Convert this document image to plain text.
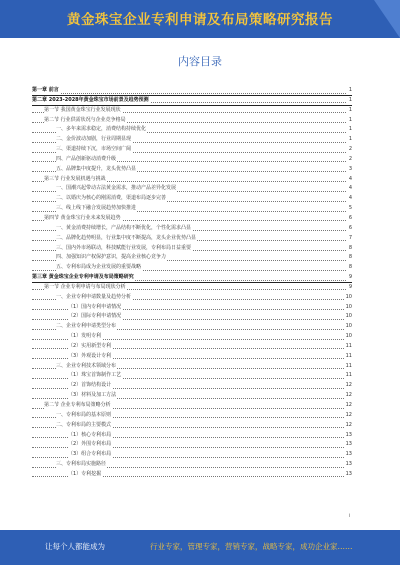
黄金珠宝企业专利申请及布局策略研究报告
内容目录
第一章 前言	1
第二章 2023-2028年黄金珠宝市场前景及趋势预测	1
第一节 我国黄金珠宝行业发展现状	1
第二节 行业供需状况与企业竞争格局	1
一、多年来需求稳定，消费结构持续优化	1
二、金价波动加剧，行业周期显现	1
三、渠道持续下沉，市场空间广阔	2
四、产品创新驱动消费升级	2
五、品牌集中度提升，龙头优势凸显	3
第三节 行业发展机遇与挑战	4
一、国潮兴起带动古法黄金需求，推动产品差异化发展	4
二、以婚庆为核心的刚需消费，渠道布局逐步完善	4
三、线上线下融合发展趋势加快推进	5
第四节 黄金珠宝行业未来发展趋势	6
一、黄金消费持续增长，产品结构不断优化，个性化需求凸显	6
二、品牌化趋势明显，行业集中度不断提高，龙头企业优势凸显	7
三、国内外市场联动，科技赋能行业发展，专利布局日益重要	8
四、加强知识产权保护意识，提高企业核心竞争力	8
五、专利布局成为企业发展的重要战略	8
第三章 黄金珠宝企业专利申请及布局策略研究	9
第一节 企业专利申请与布局现状分析	9
一、企业专利申请数量及趋势分析	10
（1）国内专利申请情况	10
（2）国际专利申请情况	10
二、企业专利申请类型分布	10
（1）发明专利	10
（2）实用新型专利	11
（3）外观设计专利	11
三、企业专利技术领域分布	11
（1）珠宝首饰制作工艺	11
（2）首饰结构设计	12
（3）材料及加工方法	12
第二节 企业专利布局策略分析	12
一、专利布局的基本原则	12
二、专利布局的主要模式	12
（1）核心专利布局	13
（2）外围专利布局	13
（3）组合专利布局	13
三、专利布局实施路径	13
（1）专利挖掘	13
I
让每个人都能成为	行业专家，管理专家，营销专家，战略专家，成功企业家……
